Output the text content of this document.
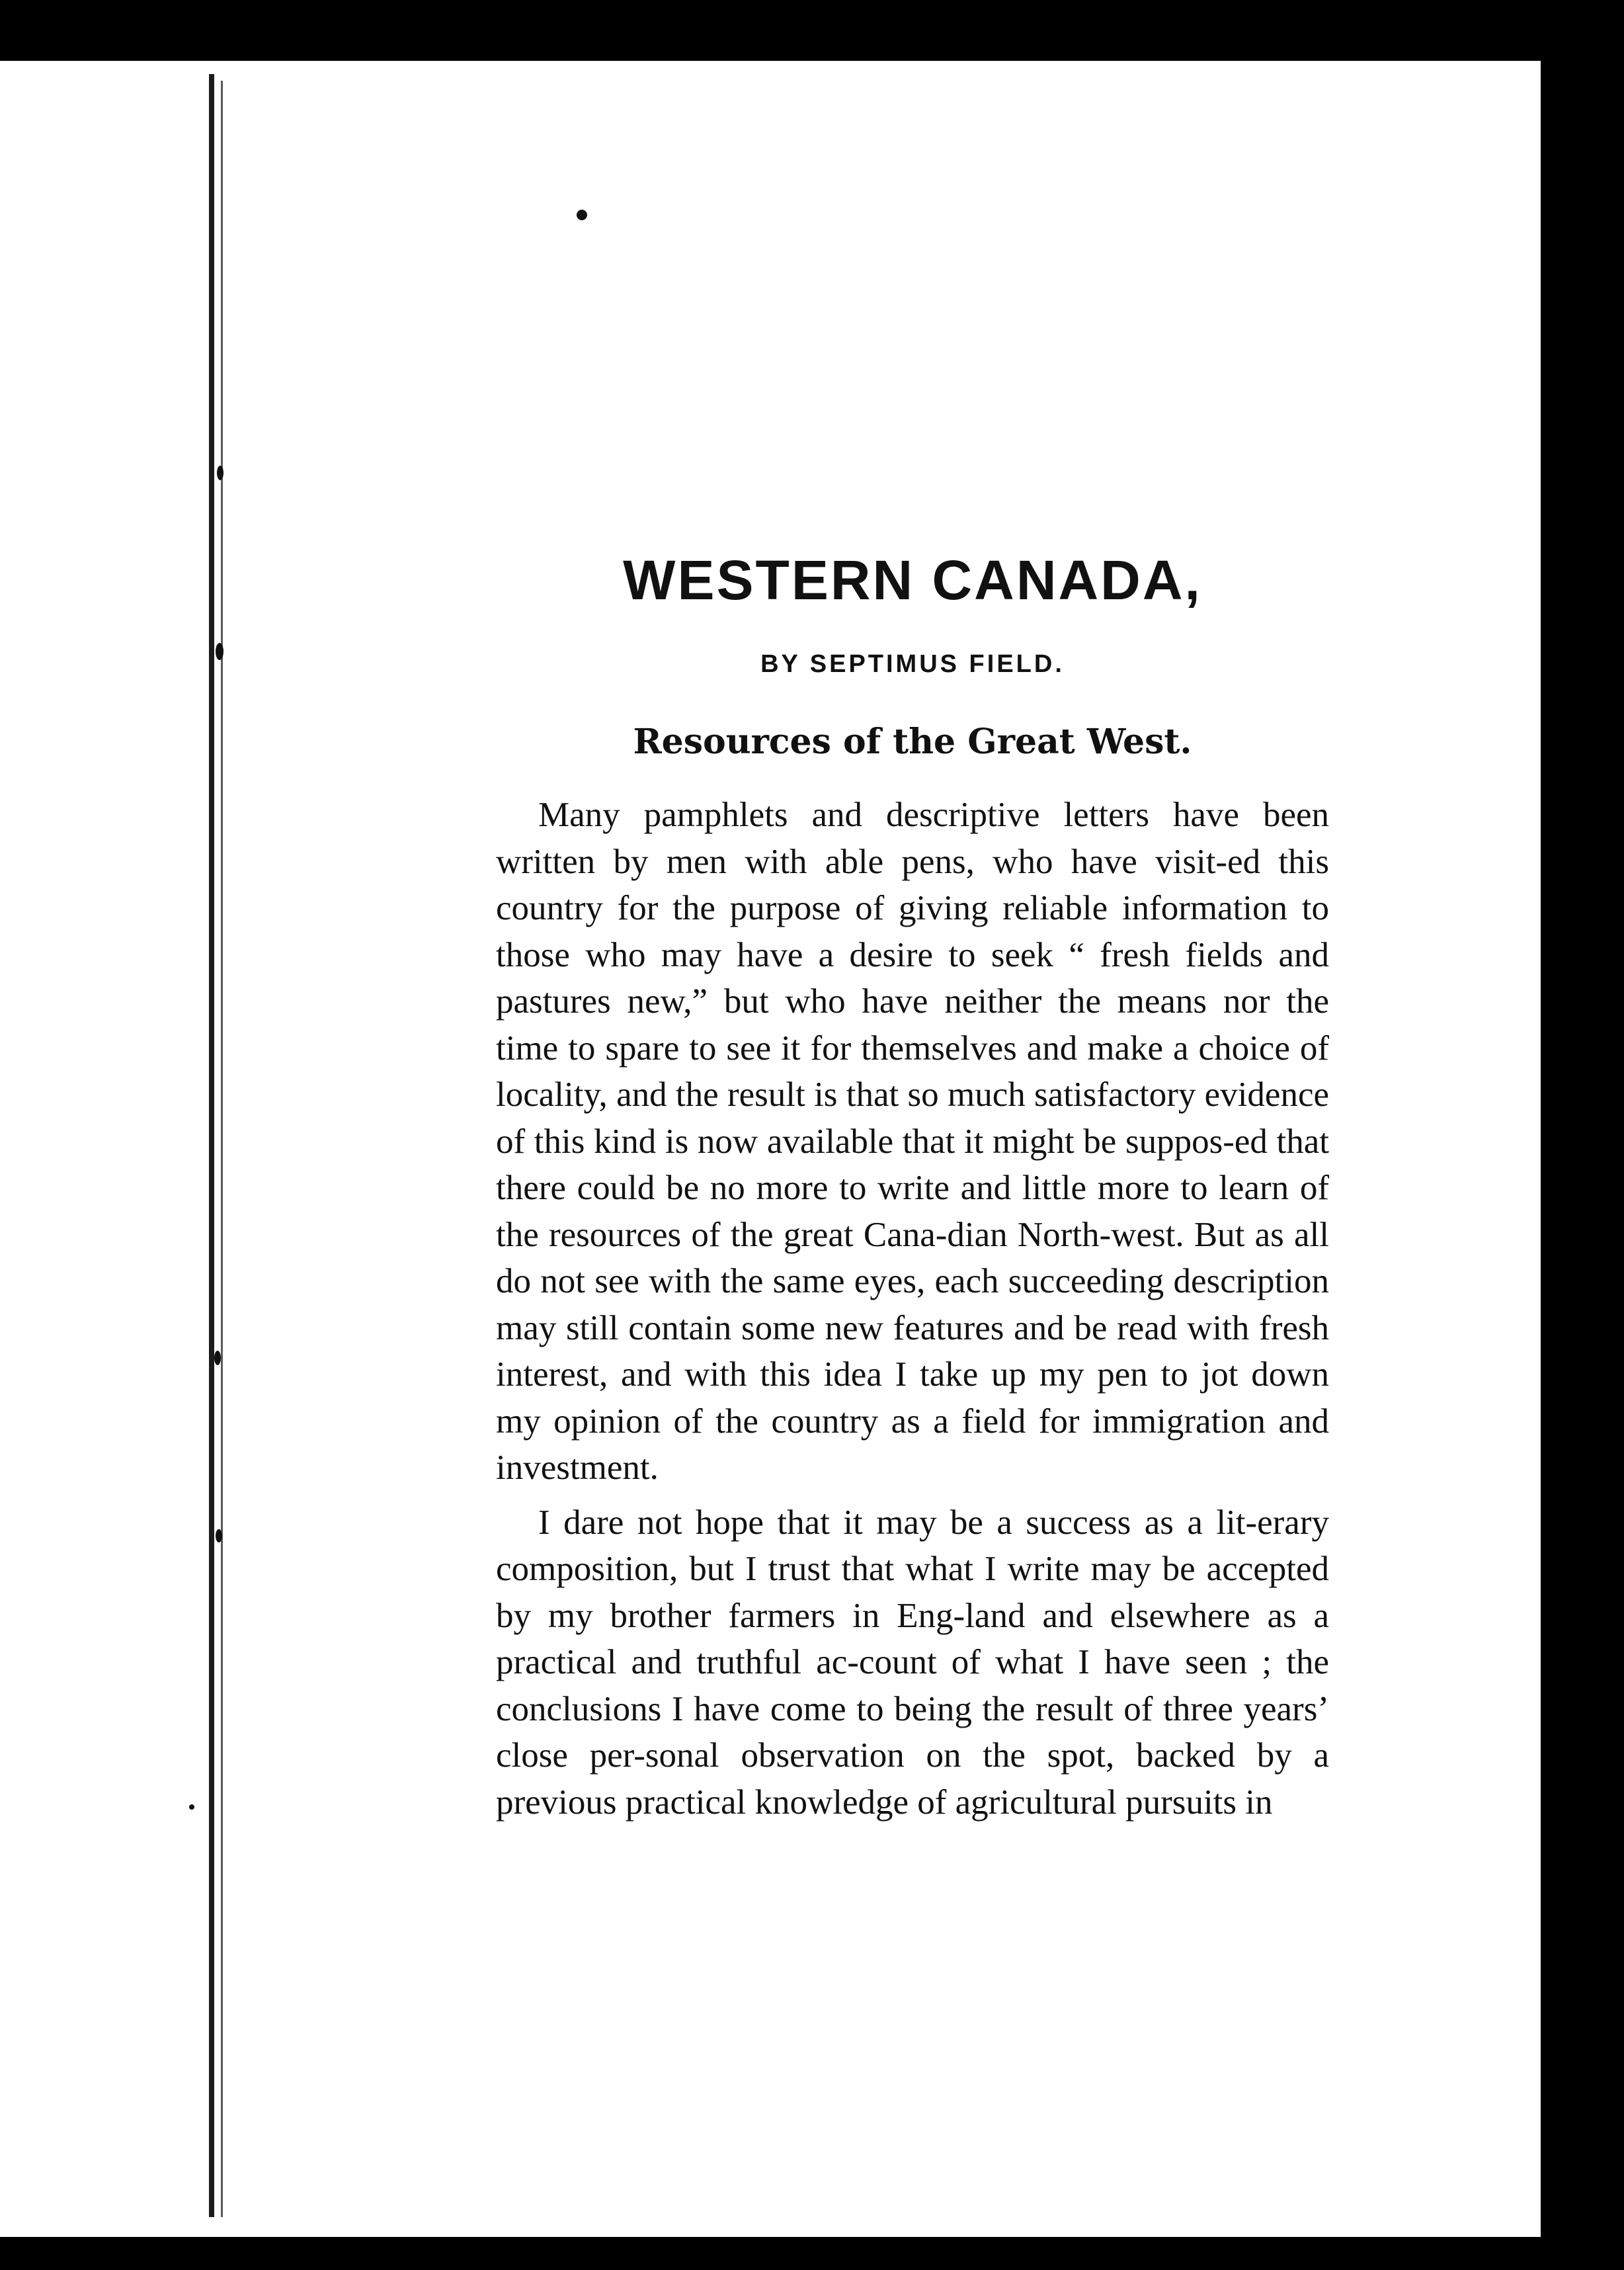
WESTERN CANADA,
BY SEPTIMUS FIELD.
Resources of the Great West.

Many pamphlets and descriptive letters have been written by men with able pens, who have visit-ed this country for the purpose of giving reliable information to those who may have a desire to seek “ fresh fields and pastures new,” but who have neither the means nor the time to spare to see it for themselves and make a choice of locality, and the result is that so much satisfactory evidence of this kind is now available that it might be suppos-ed that there could be no more to write and little more to learn of the resources of the great Cana-dian North-west. But as all do not see with the same eyes, each succeeding description may still contain some new features and be read with fresh interest, and with this idea I take up my pen to jot down my opinion of the country as a field for immigration and investment.

I dare not hope that it may be a success as a lit-erary composition, but I trust that what I write may be accepted by my brother farmers in Eng-land and elsewhere as a practical and truthful ac-count of what I have seen ; the conclusions I have come to being the result of three years’ close per-sonal observation on the spot, backed by a previous practical knowledge of agricultural pursuits in
